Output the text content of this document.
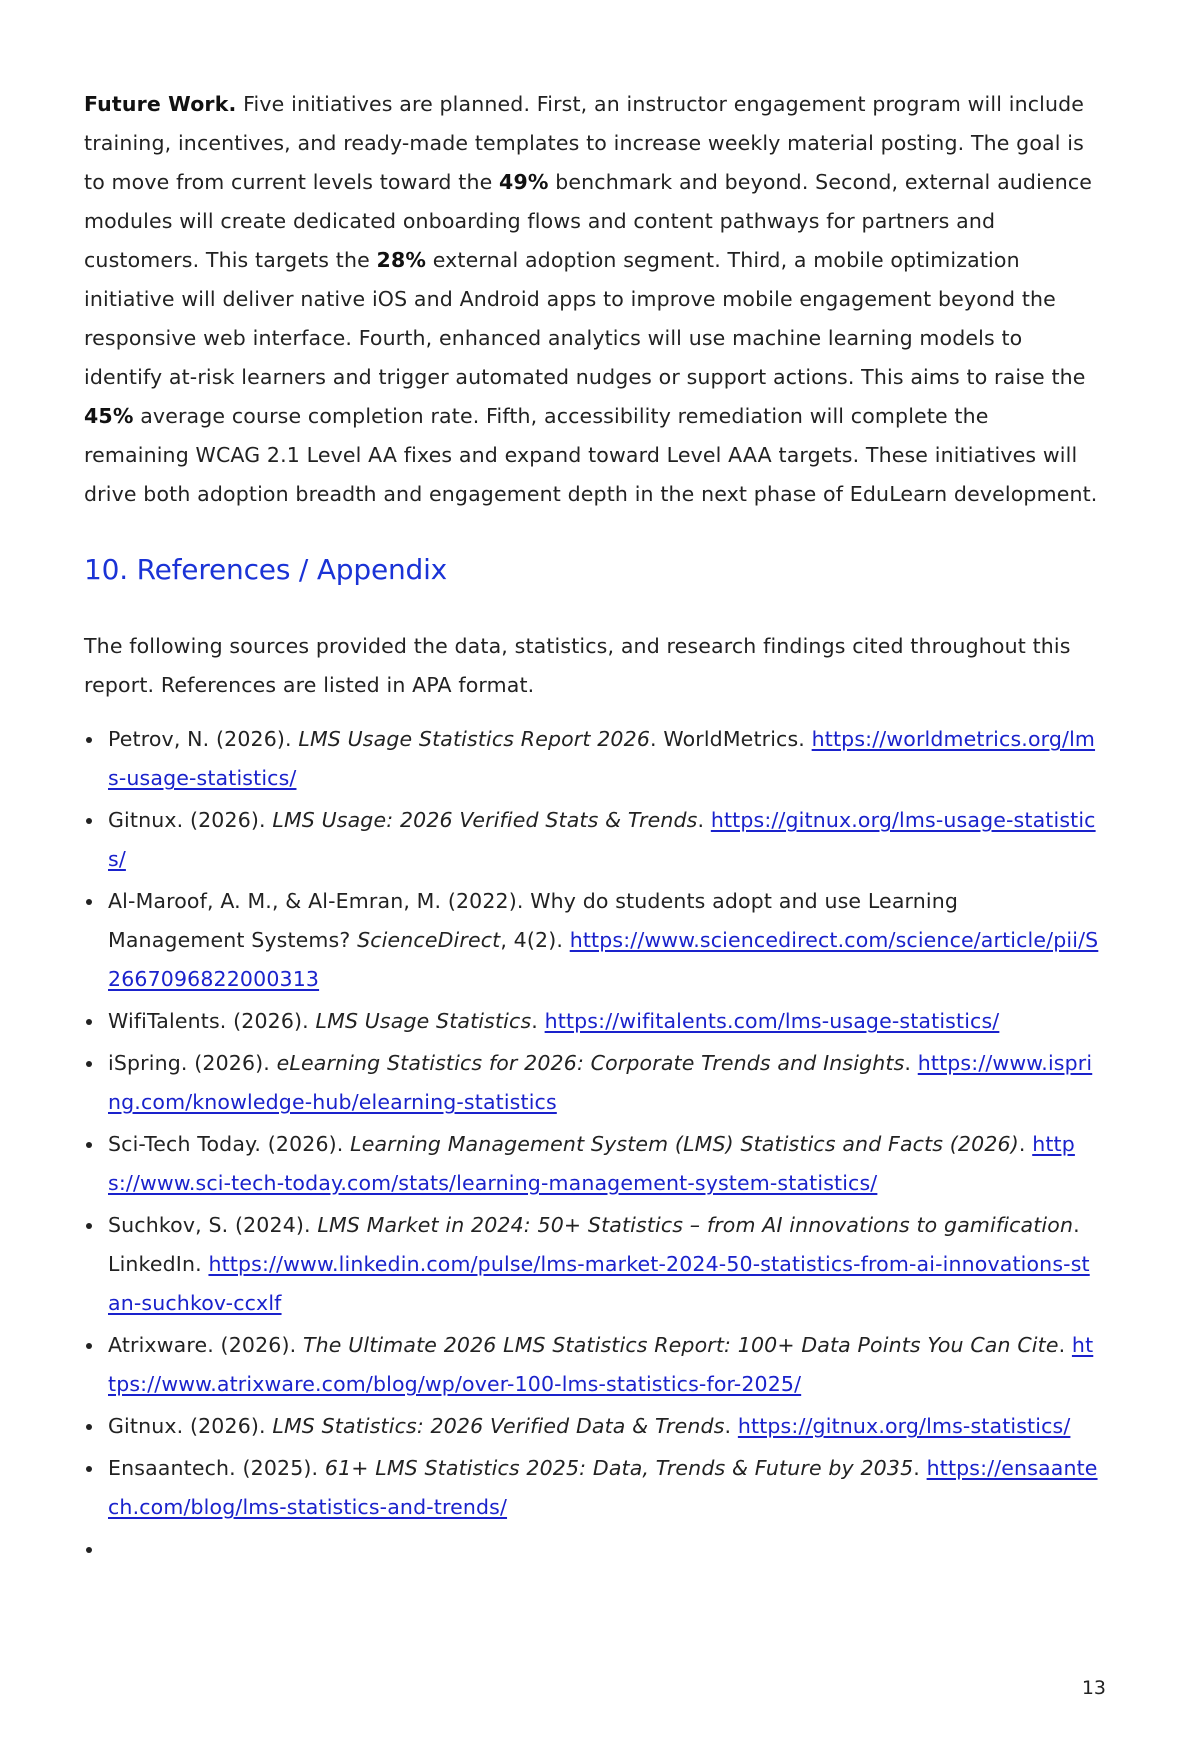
Future Work. Five initiatives are planned. First, an instructor engagement program will include training, incentives, and ready-made templates to increase weekly material posting. The goal is to move from current levels toward the 49% benchmark and beyond. Second, external audience modules will create dedicated onboarding flows and content pathways for partners and customers. This targets the 28% external adoption segment. Third, a mobile optimization initiative will deliver native iOS and Android apps to improve mobile engagement beyond the responsive web interface. Fourth, enhanced analytics will use machine learning models to identify at-risk learners and trigger automated nudges or support actions. This aims to raise the 45% average course completion rate. Fifth, accessibility remediation will complete the remaining WCAG 2.1 Level AA fixes and expand toward Level AAA targets. These initiatives will drive both adoption breadth and engagement depth in the next phase of EduLearn development.

10. References / Appendix

The following sources provided the data, statistics, and research findings cited throughout this report. References are listed in APA format.

Petrov, N. (2026). LMS Usage Statistics Report 2026. WorldMetrics. https://worldmetrics.org/lms-usage-statistics/
Gitnux. (2026). LMS Usage: 2026 Verified Stats & Trends. https://gitnux.org/lms-usage-statistics/
Al-Maroof, A. M., & Al-Emran, M. (2022). Why do students adopt and use Learning Management Systems? ScienceDirect, 4(2). https://www.sciencedirect.com/science/article/pii/S2667096822000313
WifiTalents. (2026). LMS Usage Statistics. https://wifitalents.com/lms-usage-statistics/
iSpring. (2026). eLearning Statistics for 2026: Corporate Trends and Insights. https://www.ispring.com/knowledge-hub/elearning-statistics
Sci-Tech Today. (2026). Learning Management System (LMS) Statistics and Facts (2026). https://www.sci-tech-today.com/stats/learning-management-system-statistics/
Suchkov, S. (2024). LMS Market in 2024: 50+ Statistics – from AI innovations to gamification. LinkedIn. https://www.linkedin.com/pulse/lms-market-2024-50-statistics-from-ai-innovations-stan-suchkov-ccxlf
Atrixware. (2026). The Ultimate 2026 LMS Statistics Report: 100+ Data Points You Can Cite. https://www.atrixware.com/blog/wp/over-100-lms-statistics-for-2025/
Gitnux. (2026). LMS Statistics: 2026 Verified Data & Trends. https://gitnux.org/lms-statistics/
Ensaantech. (2025). 61+ LMS Statistics 2025: Data, Trends & Future by 2035. https://ensaantech.com/blog/lms-statistics-and-trends/
13
